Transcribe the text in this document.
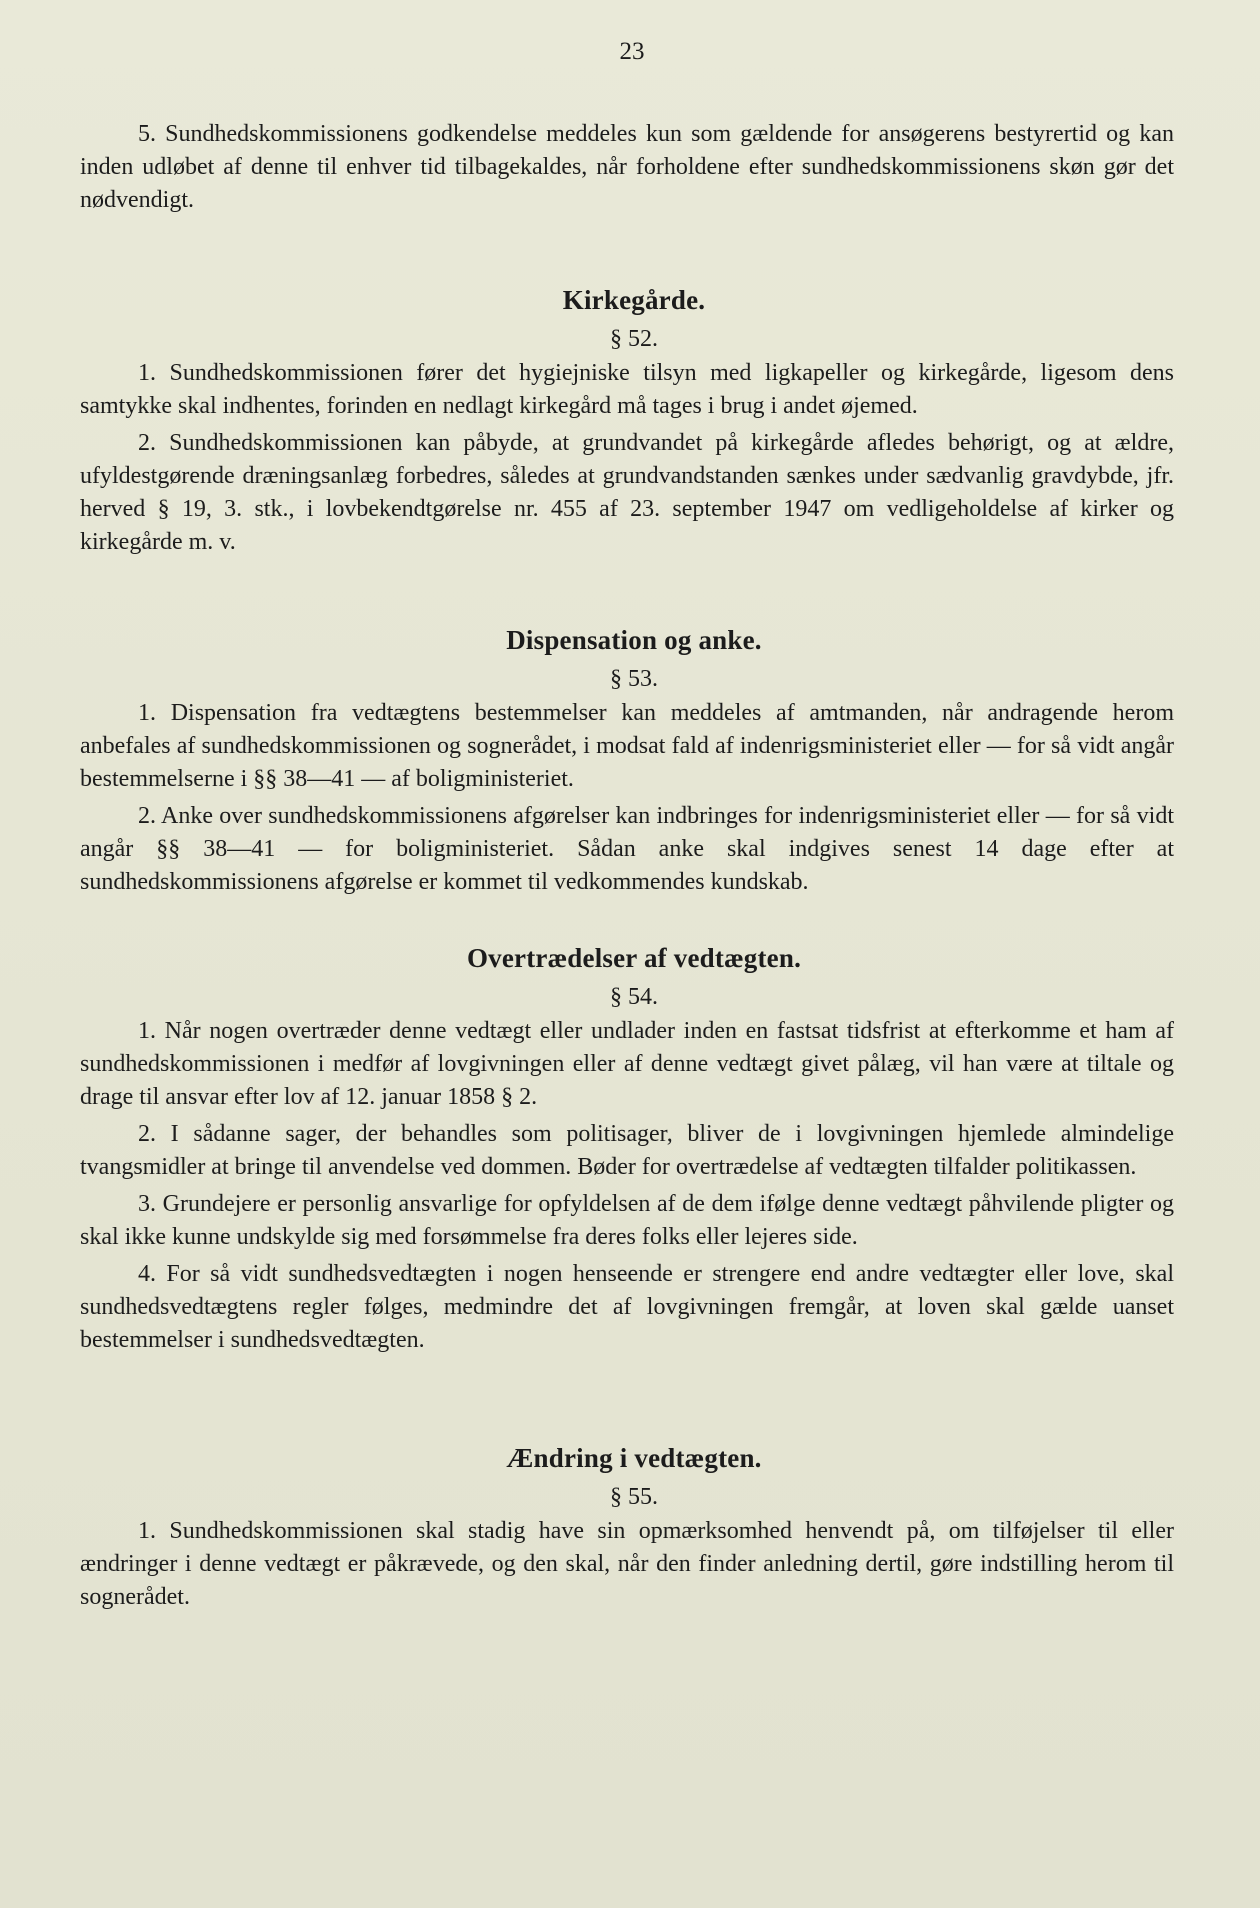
23

5. Sundhedskommissionens godkendelse meddeles kun som gældende for ansøgerens bestyrertid og kan inden udløbet af denne til enhver tid tilbagekaldes, når forholdene efter sundhedskommissionens skøn gør det nødvendigt.

Kirkegårde.
§ 52.

1. Sundhedskommissionen fører det hygiejniske tilsyn med ligkapeller og kirkegårde, ligesom dens samtykke skal indhentes, forinden en nedlagt kirkegård må tages i brug i andet øjemed.

2. Sundhedskommissionen kan påbyde, at grundvandet på kirkegårde afledes behørigt, og at ældre, ufyldestgørende dræningsanlæg forbedres, således at grundvandstanden sænkes under sædvanlig gravdybde, jfr. herved § 19, 3. stk., i lovbekendtgørelse nr. 455 af 23. september 1947 om vedligeholdelse af kirker og kirkegårde m. v.

Dispensation og anke.
§ 53.

1. Dispensation fra vedtægtens bestemmelser kan meddeles af amtmanden, når andragende herom anbefales af sundhedskommissionen og sognerådet, i modsat fald af indenrigsministeriet eller — for så vidt angår bestemmelserne i §§ 38—41 — af boligministeriet.

2. Anke over sundhedskommissionens afgørelser kan indbringes for indenrigsministeriet eller — for så vidt angår §§ 38—41 — for boligministeriet. Sådan anke skal indgives senest 14 dage efter at sundhedskommissionens afgørelse er kommet til vedkommendes kundskab.

Overtrædelser af vedtægten.
§ 54.

1. Når nogen overtræder denne vedtægt eller undlader inden en fastsat tidsfrist at efterkomme et ham af sundhedskommissionen i medfør af lovgivningen eller af denne vedtægt givet pålæg, vil han være at tiltale og drage til ansvar efter lov af 12. januar 1858 § 2.

2. I sådanne sager, der behandles som politisager, bliver de i lovgivningen hjemlede almindelige tvangsmidler at bringe til anvendelse ved dommen. Bøder for overtrædelse af vedtægten tilfalder politikassen.

3. Grundejere er personlig ansvarlige for opfyldelsen af de dem ifølge denne vedtægt påhvilende pligter og skal ikke kunne undskylde sig med forsømmelse fra deres folks eller lejeres side.

4. For så vidt sundhedsvedtægten i nogen henseende er strengere end andre vedtægter eller love, skal sundhedsvedtægtens regler følges, medmindre det af lovgivningen fremgår, at loven skal gælde uanset bestemmelser i sundhedsvedtægten.

Ændring i vedtægten.
§ 55.

1. Sundhedskommissionen skal stadig have sin opmærksomhed henvendt på, om tilføjelser til eller ændringer i denne vedtægt er påkrævede, og den skal, når den finder anledning dertil, gøre indstilling herom til sognerådet.
